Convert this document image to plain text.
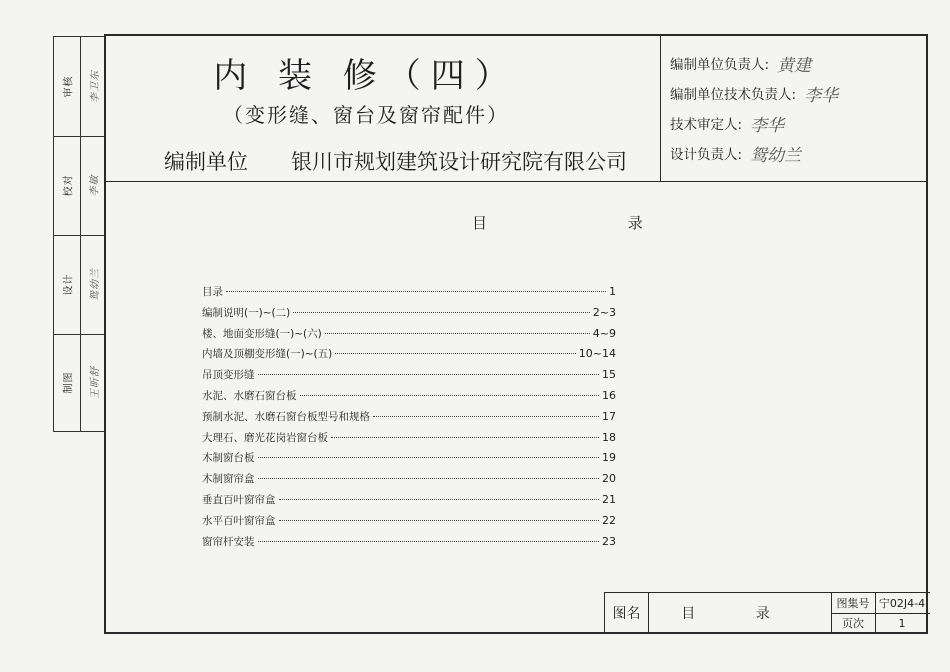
审核	李卫东
校对	李敏
设计	鸳幼兰
制图	王昕舒
内 装 修（四）
（变形缝、窗台及窗帘配件）
编制单位 银川市规划建筑设计研究院有限公司
编制单位负责人: 黄建
编制单位技术负责人: 李华
技术审定人: 李华
设计负责人: 鸳幼兰
目 录
目录	1
编制说明(一)~(二)	2~3
楼、地面变形缝(一)~(六)	4~9
内墙及顶棚变形缝(一)~(五)	10~14
吊顶变形缝	15
水泥、水磨石窗台板	16
预制水泥、水磨石窗台板型号和规格	17
大理石、磨光花岗岩窗台板	18
木制窗台板	19
木制窗帘盒	20
垂直百叶窗帘盒	21
水平百叶窗帘盒	22
窗帘杆安装	23
图名	目 录
图集号 宁02J4-4
页次	1
